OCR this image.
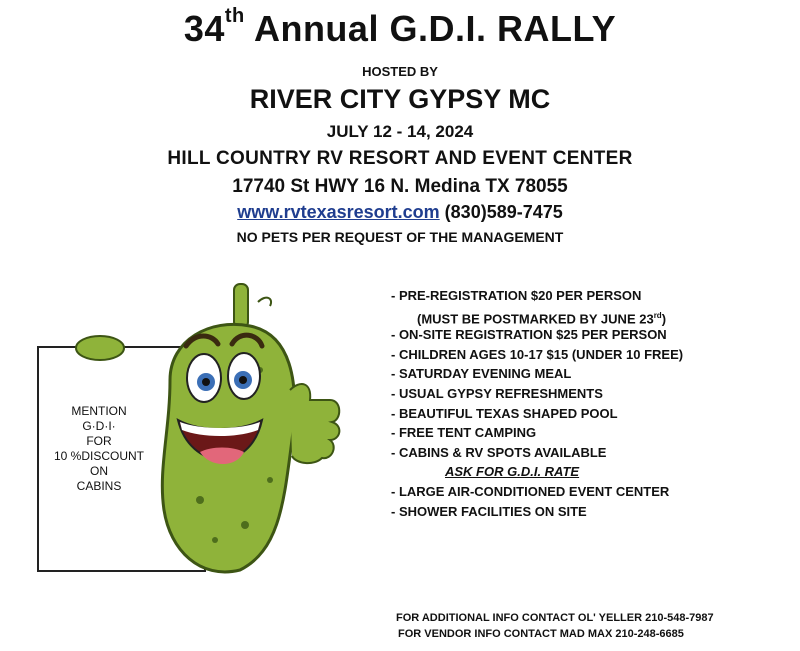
34th Annual G.D.I. RALLY
HOSTED BY
RIVER CITY GYPSY MC
JULY 12 - 14, 2024
HILL COUNTRY RV RESORT AND EVENT CENTER
17740 St HWY 16 N. Medina TX 78055
www.rvtexasresort.com (830)589-7475
NO PETS PER REQUEST OF THE MANAGEMENT
MENTION
G·D·I·
FOR
10 %DISCOUNT
ON
CABINS
- PRE-REGISTRATION $20 PER PERSON
(MUST BE POSTMARKED BY JUNE 23rd)
- ON-SITE REGISTRATION $25 PER PERSON
- CHILDREN AGES 10-17 $15 (UNDER 10 FREE)
- SATURDAY EVENING MEAL
- USUAL GYPSY REFRESHMENTS
- BEAUTIFUL TEXAS SHAPED POOL
- FREE TENT CAMPING
- CABINS & RV SPOTS AVAILABLE
ASK FOR G.D.I. RATE
- LARGE AIR-CONDITIONED EVENT CENTER
- SHOWER FACILITIES ON SITE
FOR ADDITIONAL INFO CONTACT OL' YELLER 210-548-7987
FOR VENDOR INFO CONTACT MAD MAX 210-248-6685
